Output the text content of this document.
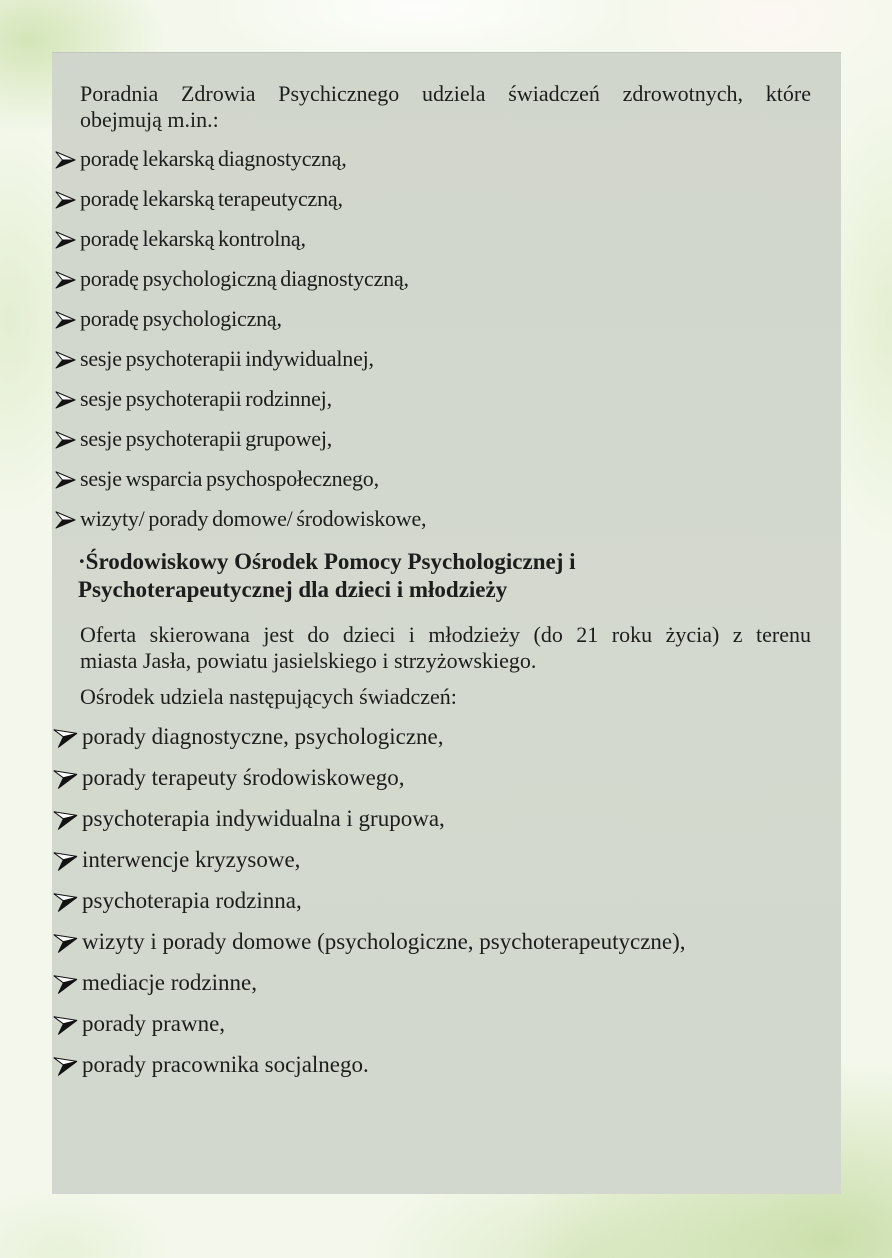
Poradnia Zdrowia Psychicznego udziela świadczeń zdrowotnych, które
obejmują m.in.:
poradę lekarską diagnostyczną,
poradę lekarską terapeutyczną,
poradę lekarską kontrolną,
poradę psychologiczną diagnostyczną,
poradę psychologiczną,
sesje psychoterapii indywidualnej,
sesje psychoterapii rodzinnej,
sesje psychoterapii grupowej,
sesje wsparcia psychospołecznego,
wizyty/ porady domowe/ środowiskowe,
·Środowiskowy Ośrodek Pomocy Psychologicznej i
Psychoterapeutycznej dla dzieci i młodzieży
Oferta skierowana jest do dzieci i młodzieży (do 21 roku życia) z terenu
miasta Jasła, powiatu jasielskiego i strzyżowskiego.
Ośrodek udziela następujących świadczeń:
porady diagnostyczne, psychologiczne,
porady terapeuty środowiskowego,
psychoterapia indywidualna i grupowa,
interwencje kryzysowe,
psychoterapia rodzinna,
wizyty i porady domowe (psychologiczne, psychoterapeutyczne),
mediacje rodzinne,
porady prawne,
porady pracownika socjalnego.
